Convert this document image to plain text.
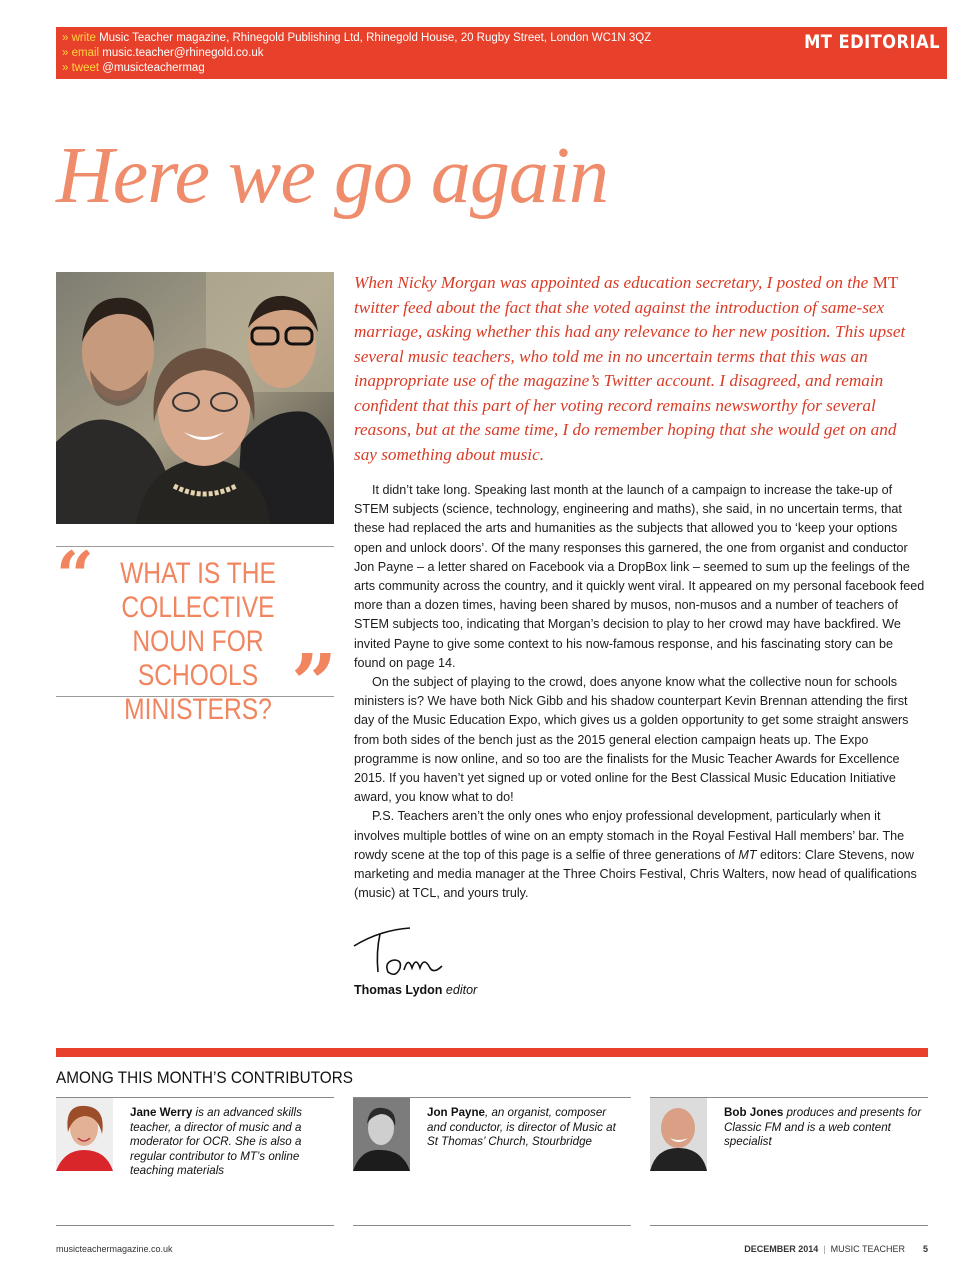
» write Music Teacher magazine, Rhinegold Publishing Ltd, Rhinegold House, 20 Rugby Street, London WC1N 3QZ
» email music.teacher@rhinegold.co.uk
» tweet @musicteachermag
MT EDITORIAL
Here we go again
“ WHAT IS THE COLLECTIVE NOUN FOR SCHOOLS MINISTERS? ”

When Nicky Morgan was appointed as education secretary, I posted on the MT twitter feed about the fact that she voted against the introduction of same-sex marriage, asking whether this had any relevance to her new position. This upset several music teachers, who told me in no uncertain terms that this was an inappropriate use of the magazine’s Twitter account. I disagreed, and remain confident that this part of her voting record remains newsworthy for several reasons, but at the same time, I do remember hoping that she would get on and say something about music.

It didn’t take long. Speaking last month at the launch of a campaign to increase the take-up of STEM subjects (science, technology, engineering and maths), she said, in no uncertain terms, that these had replaced the arts and humanities as the subjects that allowed you to ‘keep your options open and unlock doors’. Of the many responses this garnered, the one from organist and conductor Jon Payne – a letter shared on Facebook via a DropBox link – seemed to sum up the feelings of the arts community across the country, and it quickly went viral. It appeared on my personal facebook feed more than a dozen times, having been shared by musos, non-musos and a number of teachers of STEM subjects too, indicating that Morgan’s decision to play to her crowd may have backfired. We invited Payne to give some context to his now-famous response, and his fascinating story can be found on page 14.

On the subject of playing to the crowd, does anyone know what the collective noun for schools ministers is? We have both Nick Gibb and his shadow counterpart Kevin Brennan attending the first day of the Music Education Expo, which gives us a golden opportunity to get some straight answers from both sides of the bench just as the 2015 general election campaign heats up. The Expo programme is now online, and so too are the finalists for the Music Teacher Awards for Excellence 2015. If you haven’t yet signed up or voted online for the Best Classical Music Education Initiative award, you know what to do!

P.S. Teachers aren’t the only ones who enjoy professional development, particularly when it involves multiple bottles of wine on an empty stomach in the Royal Festival Hall members’ bar. The rowdy scene at the top of this page is a selfie of three generations of MT editors: Clare Stevens, now marketing and media manager at the Three Choirs Festival, Chris Walters, now head of qualifications (music) at TCL, and yours truly.

Thomas Lydon editor
AMONG THIS MONTH’S CONTRIBUTORS
Jane Werry is an advanced skills teacher, a director of music and a moderator for OCR. She is also a regular contributor to MT’s online teaching materials
Jon Payne, an organist, composer and conductor, is director of Music at St Thomas’ Church, Stourbridge
Bob Jones produces and presents for Classic FM and is a web content specialist
musicteachermagazine.co.uk	DECEMBER 2014 | MUSIC TEACHER 5
